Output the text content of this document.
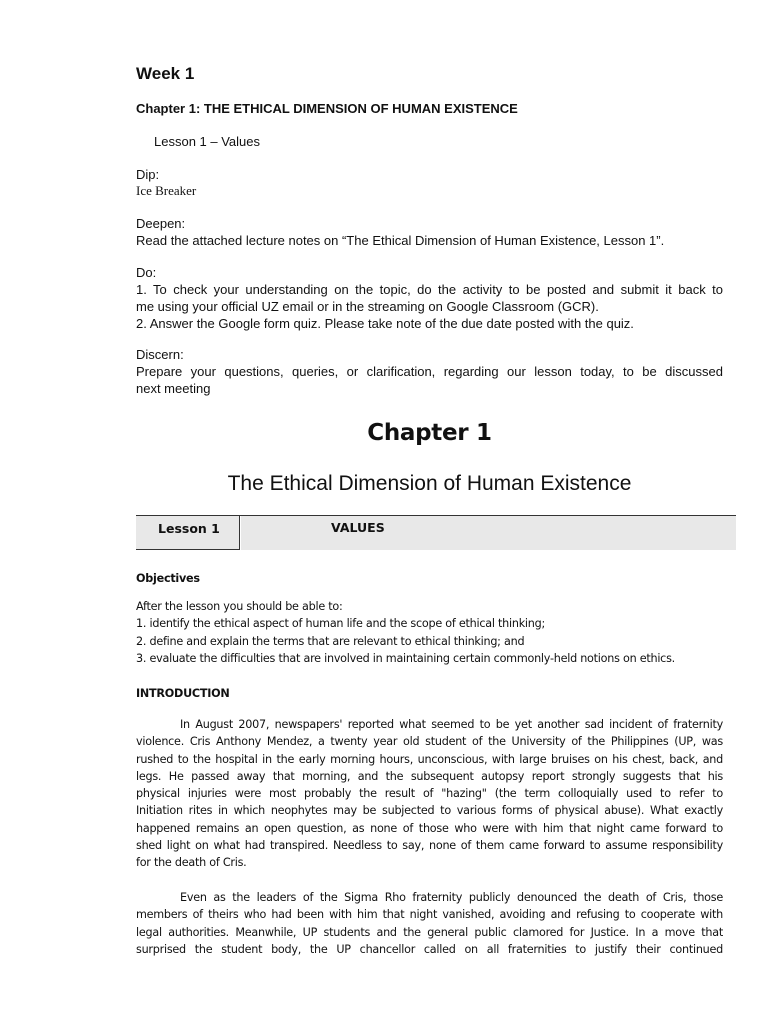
Week 1
Chapter 1: THE ETHICAL DIMENSION OF HUMAN EXISTENCE
Lesson 1 – Values
Dip:
Ice Breaker
Deepen:
Read the attached lecture notes on “The Ethical Dimension of Human Existence, Lesson 1”.
Do:
1. To check your understanding on the topic, do the activity to be posted and submit it back to
me using your official UZ email or in the streaming on Google Classroom (GCR).
2. Answer the Google form quiz. Please take note of the due date posted with the quiz.
Discern:
Prepare your questions, queries, or clarification, regarding our lesson today, to be discussed
next meeting
Chapter 1
The Ethical Dimension of Human Existence
Lesson 1	VALUES
Objectives
After the lesson you should be able to:
1. identify the ethical aspect of human life and the scope of ethical thinking;
2. define and explain the terms that are relevant to ethical thinking; and
3. evaluate the difficulties that are involved in maintaining certain commonly-held notions on ethics.
INTRODUCTION
In August 2007, newspapers' reported what seemed to be yet another sad incident of fraternity
violence. Cris Anthony Mendez, a twenty year old student of the University of the Philippines (UP, was
rushed to the hospital in the early morning hours, unconscious, with large bruises on his chest, back, and
legs. He passed away that morning, and the subsequent autopsy report strongly suggests that his
physical injuries were most probably the result of "hazing" (the term colloquially used to refer to
Initiation rites in which neophytes may be subjected to various forms of physical abuse). What exactly
happened remains an open question, as none of those who were with him that night came forward to
shed light on what had transpired. Needless to say, none of them came forward to assume responsibility
for the death of Cris.
Even as the leaders of the Sigma Rho fraternity publicly denounced the death of Cris, those
members of theirs who had been with him that night vanished, avoiding and refusing to cooperate with
legal authorities. Meanwhile, UP students and the general public clamored for Justice. In a move that
surprised the student body, the UP chancellor called on all fraternities to justify their continued
